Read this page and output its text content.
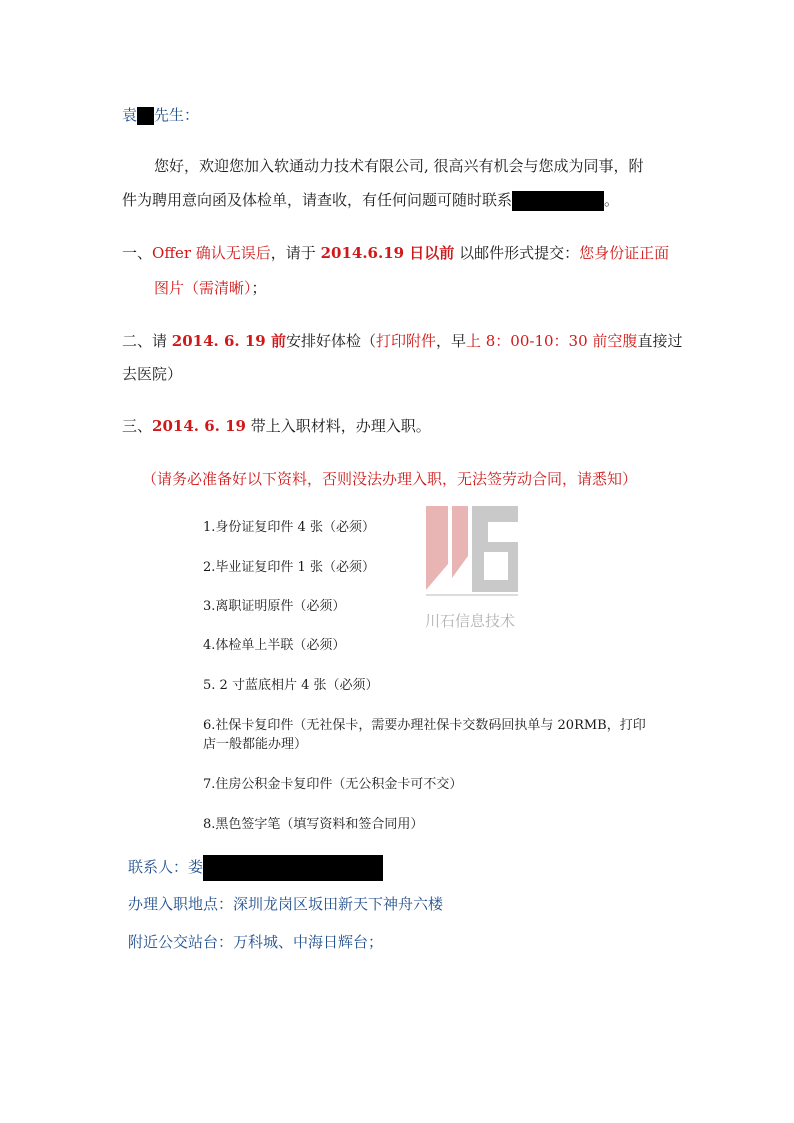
袁 先生：
您好，欢迎您加入软通动力技术有限公司, 很高兴有机会与您成为同事，附
件为聘用意向函及体检单，请查收，有任何问题可随时联系	。
一、Offer 确认无误后，请于 2014.6.19 日以前 以邮件形式提交：您身份证正面
图片（需清晰）；
二、请 2014. 6. 19 前安排好体检（打印附件，早上 8：00-10：30 前空腹直接过
去医院）
三、2014. 6. 19 带上入职材料，办理入职。
（请务必准备好以下资料，否则没法办理入职，无法签劳动合同，请悉知）
川石信息技术
1.身份证复印件 4 张（必须）
2.毕业证复印件 1 张（必须）
3.离职证明原件（必须）
4.体检单上半联（必须）
5. 2 寸蓝底相片 4 张（必须）
6.社保卡复印件（无社保卡，需要办理社保卡交数码回执单与 20RMB，打印
店一般都能办理）
7.住房公积金卡复印件（无公积金卡可不交）
8.黑色签字笔（填写资料和签合同用）
联系人：娄
办理入职地点：深圳龙岗区坂田新天下神舟六楼
附近公交站台：万科城、中海日辉台；
